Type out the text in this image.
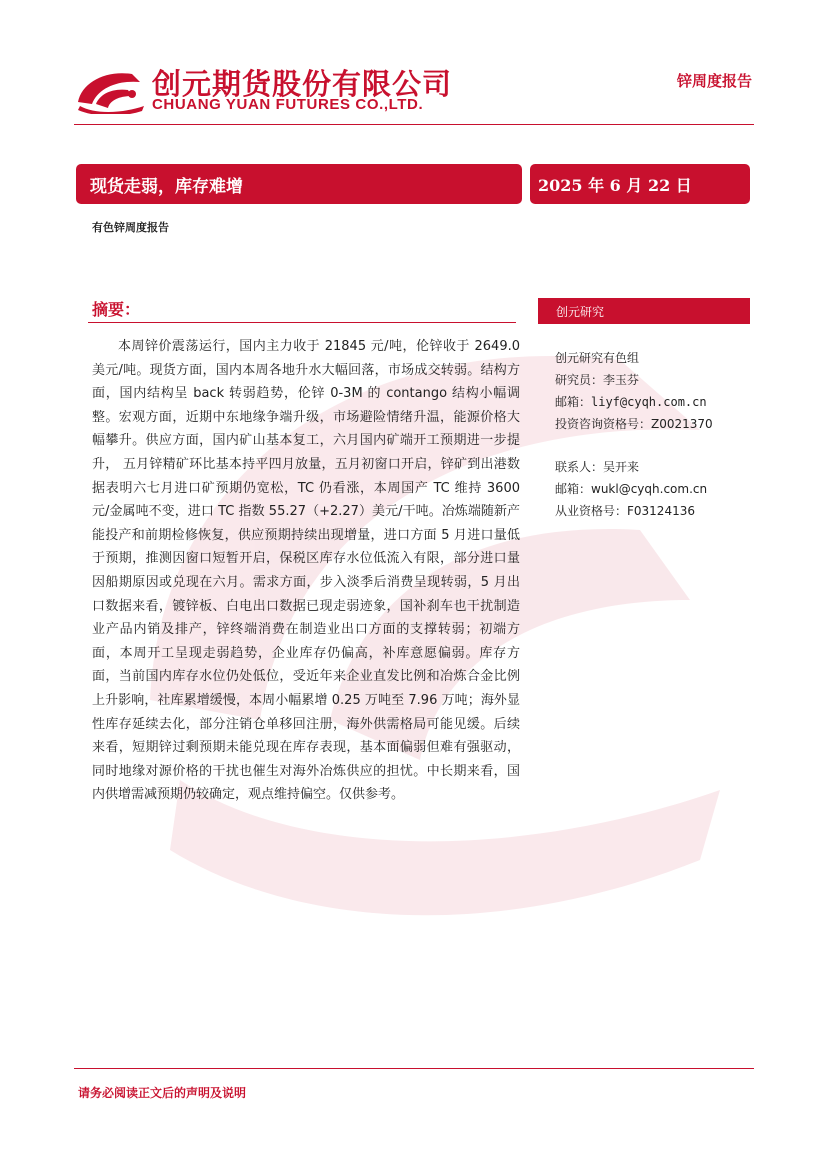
创元期货股份有限公司
CHUANG YUAN FUTURES CO.,LTD.
锌周度报告
现货走弱，库存难增	2025 年 6 月 22 日
有色锌周度报告
摘要：

本周锌价震荡运行，国内主力收于 21845 元/吨，伦锌收于 2649.0 美元/吨。现货方面，国内本周各地升水大幅回落，市场成交转弱。结构方面，国内结构呈 back 转弱趋势，伦锌 0-3M 的 contango 结构小幅调整。宏观方面，近期中东地缘争端升级，市场避险情绪升温，能源价格大幅攀升。供应方面，国内矿山基本复工，六月国内矿端开工预期进一步提升， 五月锌精矿环比基本持平四月放量，五月初窗口开启，锌矿到出港数据表明六七月进口矿预期仍宽松，TC 仍看涨，本周国产 TC 维持 3600 元/金属吨不变，进口 TC 指数 55.27（+2.27）美元/干吨。冶炼端随新产能投产和前期检修恢复，供应预期持续出现增量，进口方面 5 月进口量低于预期，推测因窗口短暂开启，保税区库存水位低流入有限，部分进口量因船期原因或兑现在六月。需求方面，步入淡季后消费呈现转弱，5 月出口数据来看，镀锌板、白电出口数据已现走弱迹象，国补刹车也干扰制造业产品内销及排产，锌终端消费在制造业出口方面的支撑转弱；初端方面，本周开工呈现走弱趋势，企业库存仍偏高，补库意愿偏弱。库存方面，当前国内库存水位仍处低位，受近年来企业直发比例和冶炼合金比例上升影响，社库累增缓慢，本周小幅累增 0.25 万吨至 7.96 万吨；海外显性库存延续去化，部分注销仓单移回注册，海外供需格局可能见缓。后续来看，短期锌过剩预期未能兑现在库存表现，基本面偏弱但难有强驱动，同时地缘对源价格的干扰也催生对海外冶炼供应的担忧。中长期来看，国内供增需减预期仍较确定，观点维持偏空。仅供参考。

创元研究
创元研究有色组
研究员：李玉芬
邮箱：liyf@cyqh.com.cn
投资咨询资格号：Z0021370
联系人：吴开来
邮箱：wukl@cyqh.com.cn
从业资格号：F03124136
请务必阅读正文后的声明及说明
